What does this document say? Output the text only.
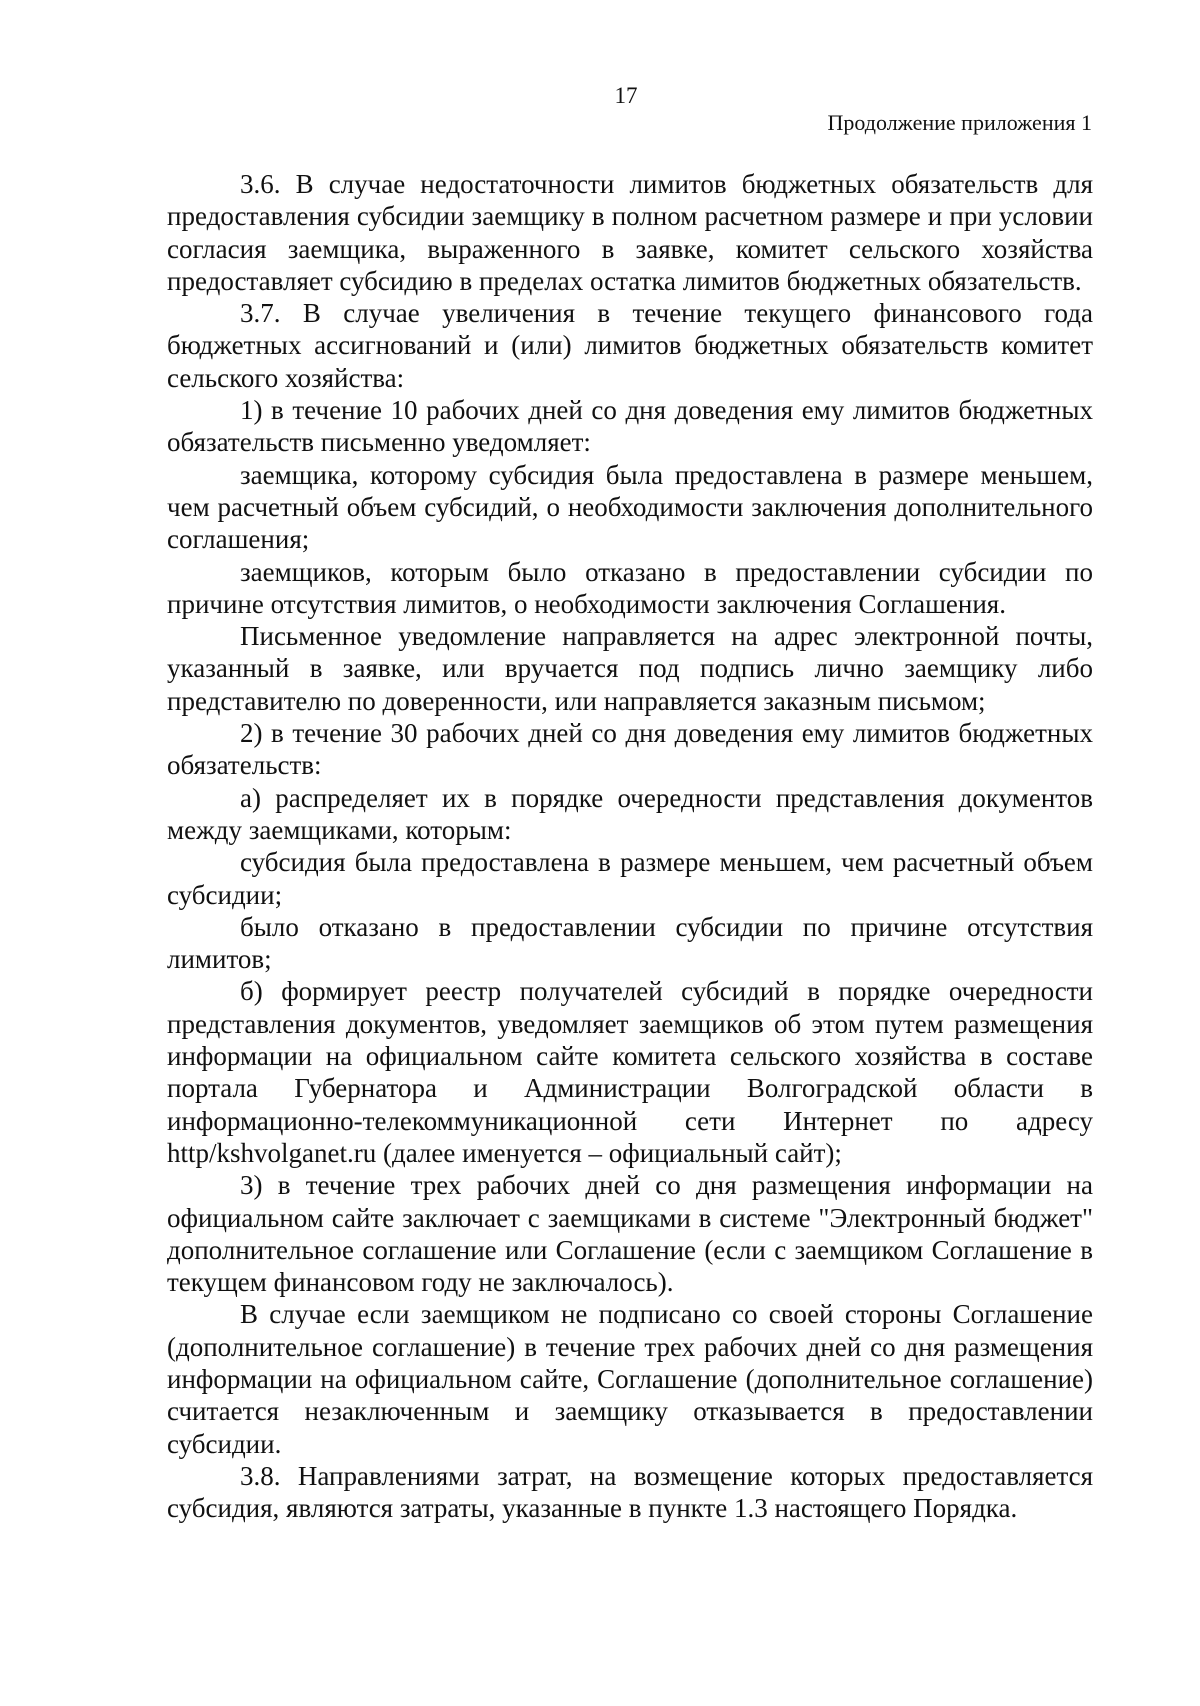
17
Продолжение приложения 1

3.6. В случае недостаточности лимитов бюджетных обязательств для предоставления субсидии заемщику в полном расчетном размере и при условии согласия заемщика, выраженного в заявке, комитет сельского хозяйства предоставляет субсидию в пределах остатка лимитов бюджетных обязательств.

3.7. В случае увеличения в течение текущего финансового года бюджетных ассигнований и (или) лимитов бюджетных обязательств комитет сельского хозяйства:

1) в течение 10 рабочих дней со дня доведения ему лимитов бюджетных обязательств письменно уведомляет:

заемщика, которому субсидия была предоставлена в размере меньшем, чем расчетный объем субсидий, о необходимости заключения дополнительного соглашения;

заемщиков, которым было отказано в предоставлении субсидии по причине отсутствия лимитов, о необходимости заключения Соглашения.

Письменное уведомление направляется на адрес электронной почты, указанный в заявке, или вручается под подпись лично заемщику либо представителю по доверенности, или направляется заказным письмом;

2) в течение 30 рабочих дней со дня доведения ему лимитов бюджетных обязательств:

а) распределяет их в порядке очередности представления документов между заемщиками, которым:

субсидия была предоставлена в размере меньшем, чем расчетный объем субсидии;

было отказано в предоставлении субсидии по причине отсутствия лимитов;

б) формирует реестр получателей субсидий в порядке очередности представления документов, уведомляет заемщиков об этом путем размещения информации на официальном сайте комитета сельского хозяйства в составе портала Губернатора и Администрации Волгоградской области в информационно-телекоммуникационной сети Интернет по адресу http/kshvolganet.ru (далее именуется – официальный сайт);

3) в течение трех рабочих дней со дня размещения информации на официальном сайте заключает с заемщиками в системе "Электронный бюджет" дополнительное соглашение или Соглашение (если с заемщиком Соглашение в текущем финансовом году не заключалось).

В случае если заемщиком не подписано со своей стороны Соглашение (дополнительное соглашение) в течение трех рабочих дней со дня размещения информации на официальном сайте, Соглашение (дополнительное соглашение) считается незаключенным и заемщику отказывается в предоставлении субсидии.

3.8. Направлениями затрат, на возмещение которых предоставляется субсидия, являются затраты, указанные в пункте 1.3 настоящего Порядка.
